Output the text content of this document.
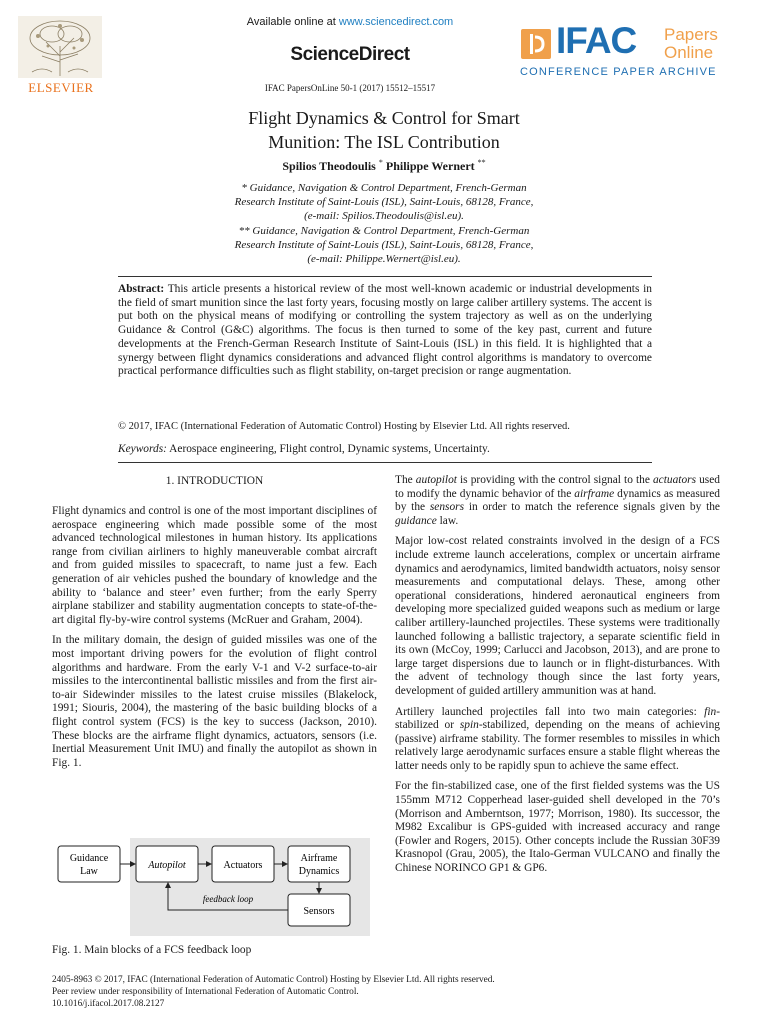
Available online at www.sciencedirect.com
ScienceDirect
IFAC PapersOnLine 50-1 (2017) 15512–15517
ELSEVIER
IFAC Papers
Online
CONFERENCE PAPER ARCHIVE
Flight Dynamics & Control for Smart
Munition: The ISL Contribution
Spilios Theodoulis * Philippe Wernert **
* Guidance, Navigation & Control Department, French-German
Research Institute of Saint-Louis (ISL), Saint-Louis, 68128, France,
(e-mail: Spilios.Theodoulis@isl.eu).
** Guidance, Navigation & Control Department, French-German
Research Institute of Saint-Louis (ISL), Saint-Louis, 68128, France,
(e-mail: Philippe.Wernert@isl.eu).
Abstract: This article presents a historical review of the most well-known academic or industrial developments in the field of smart munition since the last forty years, focusing mostly on large caliber artillery systems. The accent is put both on the physical means of modifying or controlling the system trajectory as well as on the underlying Guidance & Control (G&C) algorithms. The focus is then turned to some of the key past, current and future developments at the French-German Research Institute of Saint-Louis (ISL) in this field. It is highlighted that a synergy between flight dynamics considerations and advanced flight control algorithms is mandatory to overcome practical performance difficulties such as flight stability, on-target precision or range augmentation.
© 2017, IFAC (International Federation of Automatic Control) Hosting by Elsevier Ltd. All rights reserved.
Keywords: Aerospace engineering, Flight control, Dynamic systems, Uncertainty.
1. INTRODUCTION

Flight dynamics and control is one of the most important disciplines of aerospace engineering which made possible some of the most advanced technological milestones in human history. Its applications range from civilian airliners to highly maneuverable combat aircraft and from guided missiles to spacecraft, to name just a few. Each generation of air vehicles pushed the boundary of knowledge and the ability to ‘balance and steer’ even further; from the early Sperry airplane stabilizer and stability augmentation concepts to state-of-the-art digital fly-by-wire control systems (McRuer and Graham, 2004).

In the military domain, the design of guided missiles was one of the most important driving powers for the evolution of flight control algorithms and hardware. From the early V-1 and V-2 surface-to-air missiles to the intercontinental ballistic missiles and from the first air-to-air Sidewinder missiles to the latest cruise missiles (Blakelock, 1991; Siouris, 2004), the mastering of the basic building blocks of a flight control system (FCS) is the key to success (Jackson, 2010). These blocks are the airframe flight dynamics, actuators, sensors (i.e. Inertial Measurement Unit IMU) and finally the autopilot as shown in Fig. 1.

Guidance
Law
Autopilot	Actuators
Airframe
Dynamics
Sensors
feedback loop
Fig. 1. Main blocks of a FCS feedback loop

The autopilot is providing with the control signal to the actuators used to modify the dynamic behavior of the airframe dynamics as measured by the sensors in order to match the reference signals given by the guidance law.

Major low-cost related constraints involved in the design of a FCS include extreme launch accelerations, complex or uncertain airframe dynamics and aerodynamics, limited bandwidth actuators, noisy sensor measurements and computational delays. These, among other operational considerations, hindered aeronautical engineers from developing more specialized guided weapons such as medium or large caliber artillery-launched projectiles. These systems were traditionally launched following a ballistic trajectory, a separate scientific field in its own (McCoy, 1999; Carlucci and Jacobson, 2013), and are prone to large target dispersions due to launch or in flight-disturbances. With the advent of technology though since the last forty years, development of guided artillery ammunition was at hand.

Artillery launched projectiles fall into two main categories: fin-stabilized or spin-stabilized, depending on the means of achieving (passive) airframe stability. The former resembles to missiles in which relatively large aerodynamic surfaces ensure a stable flight whereas the latter needs only to be rapidly spun to achieve the same effect.

For the fin-stabilized case, one of the first fielded systems was the US 155mm M712 Copperhead laser-guided shell developed in the 70’s (Morrison and Amberntson, 1977; Morrison, 1980). Its successor, the M982 Excalibur is GPS-guided with increased accuracy and range (Fowler and Rogers, 2015). Other concepts include the Russian 30F39 Krasnopol (Grau, 2005), the Italo-German VULCANO and finally the Chinese NORINCO GP1 & GP6.

2405-8963 © 2017, IFAC (International Federation of Automatic Control) Hosting by Elsevier Ltd. All rights reserved.
Peer review under responsibility of International Federation of Automatic Control.
10.1016/j.ifacol.2017.08.2127
